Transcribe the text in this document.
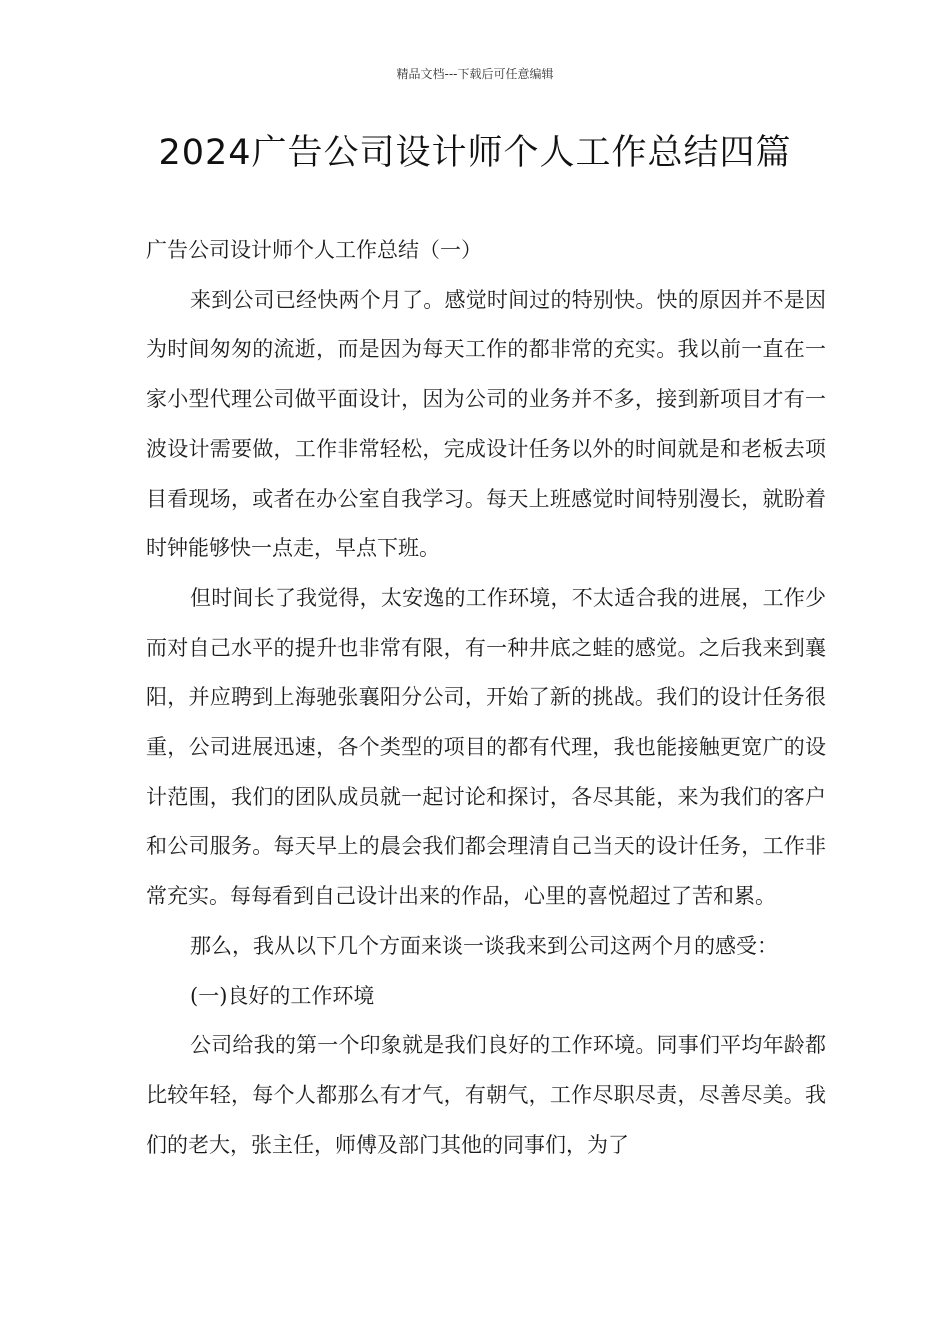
精品文档---下载后可任意编辑
2024广告公司设计师个人工作总结四篇

广告公司设计师个人工作总结（一）

来到公司已经快两个月了。感觉时间过的特别快。快的原因并不是因为时间匆匆的流逝，而是因为每天工作的都非常的充实。我以前一直在一家小型代理公司做平面设计，因为公司的业务并不多，接到新项目才有一波设计需要做，工作非常轻松，完成设计任务以外的时间就是和老板去项目看现场，或者在办公室自我学习。每天上班感觉时间特别漫长，就盼着时钟能够快一点走，早点下班。

但时间长了我觉得，太安逸的工作环境，不太适合我的进展，工作少而对自己水平的提升也非常有限，有一种井底之蛙的感觉。之后我来到襄阳，并应聘到上海驰张襄阳分公司，开始了新的挑战。我们的设计任务很重，公司进展迅速，各个类型的项目的都有代理，我也能接触更宽广的设计范围，我们的团队成员就一起讨论和探讨，各尽其能，来为我们的客户和公司服务。每天早上的晨会我们都会理清自己当天的设计任务，工作非常充实。每每看到自己设计出来的作品，心里的喜悦超过了苦和累。

那么，我从以下几个方面来谈一谈我来到公司这两个月的感受：

(一)良好的工作环境

公司给我的第一个印象就是我们良好的工作环境。同事们平均年龄都比较年轻，每个人都那么有才气，有朝气，工作尽职尽责，尽善尽美。我们的老大，张主任，师傅及部门其他的同事们，为了
